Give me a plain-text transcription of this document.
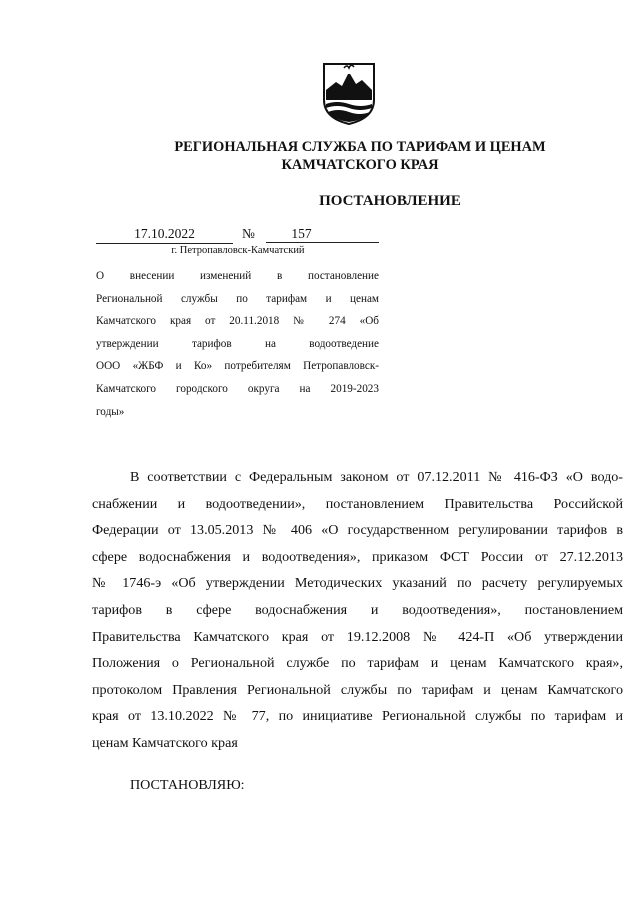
РЕГИОНАЛЬНАЯ СЛУЖБА ПО ТАРИФАМ И ЦЕНАМ
КАМЧАТСКОГО КРАЯ
ПОСТАНОВЛЕНИЕ
17.10.2022	№	157
г. Петропавловск-Камчатский
О внесении изменений в постановление
Региональной службы по тарифам и ценам
Камчатского края от 20.11.2018 № 274 «Об
утверждении тарифов на водоотведение
ООО «ЖБФ и Ко» потребителям Петропавловск-
Камчатского городского округа на 2019-2023
годы»
В соответствии с Федеральным законом от 07.12.2011 № 416-ФЗ «О водо-
снабжении и водоотведении», постановлением Правительства Российской
Федерации от 13.05.2013 № 406 «О государственном регулировании тарифов в
сфере водоснабжения и водоотведения», приказом ФСТ России от 27.12.2013
№ 1746-э «Об утверждении Методических указаний по расчету регулируемых
тарифов в сфере водоснабжения и водоотведения», постановлением
Правительства Камчатского края от 19.12.2008 № 424-П «Об утверждении
Положения о Региональной службе по тарифам и ценам Камчатского края»,
протоколом Правления Региональной службы по тарифам и ценам Камчатского
края от 13.10.2022 № 77, по инициативе Региональной службы по тарифам и
ценам Камчатского края
ПОСТАНОВЛЯЮ:
